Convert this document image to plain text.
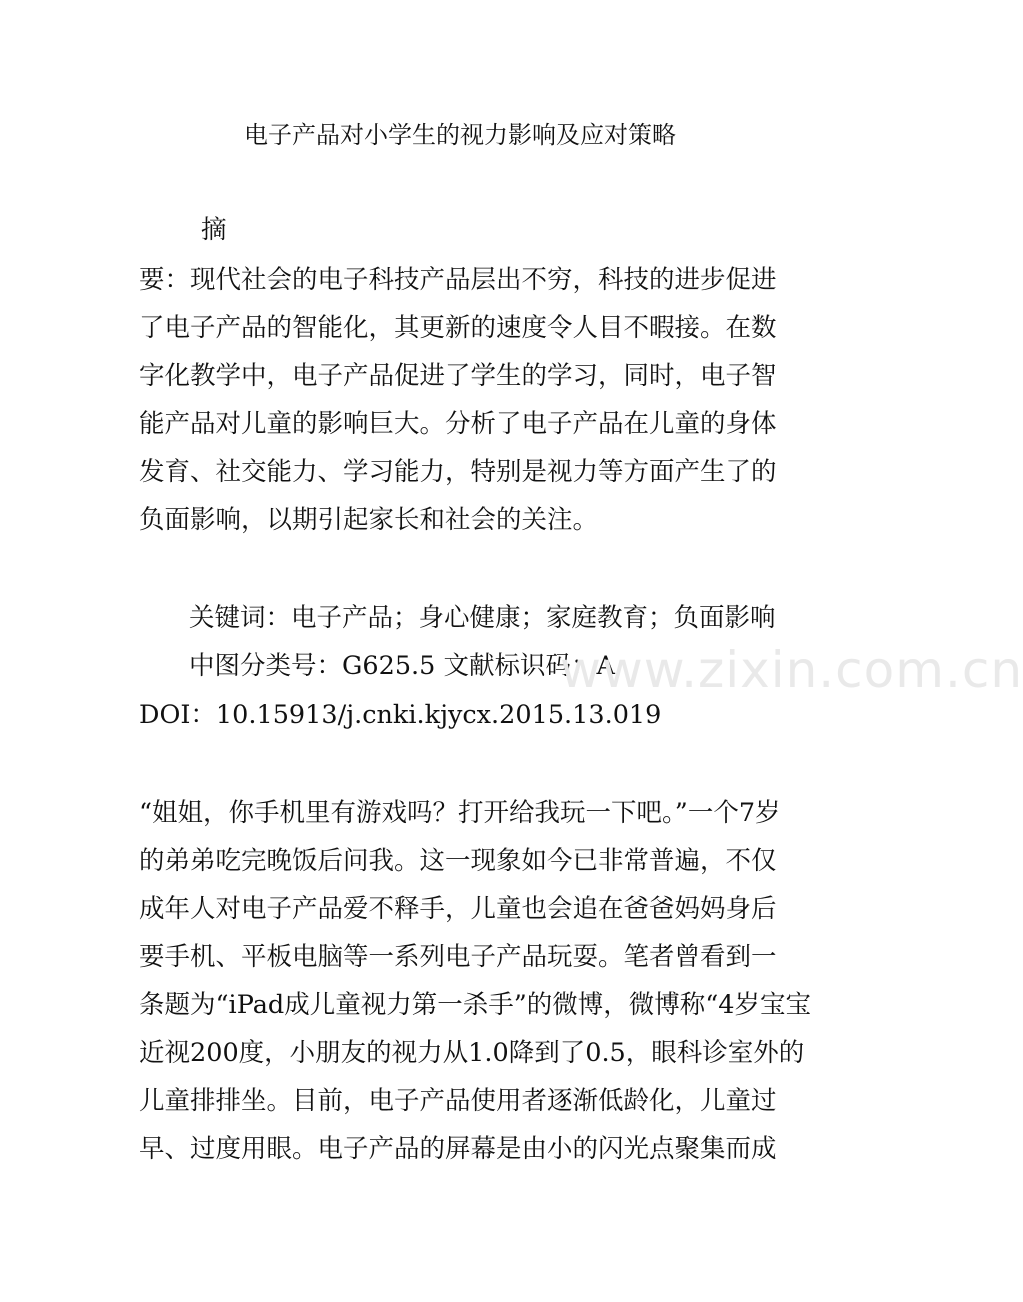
电子产品对小学生的视力影响及应对策略
摘
要：现代社会的电子科技产品层出不穷，科技的进步促进
了电子产品的智能化，其更新的速度令人目不暇接。在数
字化教学中，电子产品促进了学生的学习，同时，电子智
能产品对儿童的影响巨大。分析了电子产品在儿童的身体
发育、社交能力、学习能力，特别是视力等方面产生了的
负面影响，以期引起家长和社会的关注。
关键词：电子产品；身心健康；家庭教育；负面影响
中图分类号：G625.5 文献标识码：A
DOI：10.15913/j.cnki.kjycx.2015.13.019
“姐姐，你手机里有游戏吗？打开给我玩一下吧。”一个7岁
的弟弟吃完晚饭后问我。这一现象如今已非常普遍，不仅
成年人对电子产品爱不释手，儿童也会追在爸爸妈妈身后
要手机、平板电脑等一系列电子产品玩耍。笔者曾看到一
条题为“iPad成儿童视力第一杀手”的微博，微博称“4岁宝宝
近视200度，小朋友的视力从1.0降到了0.5，眼科诊室外的
儿童排排坐。目前，电子产品使用者逐渐低龄化，儿童过
早、过度用眼。电子产品的屏幕是由小的闪光点聚集而成
www.zixin.com.cn
